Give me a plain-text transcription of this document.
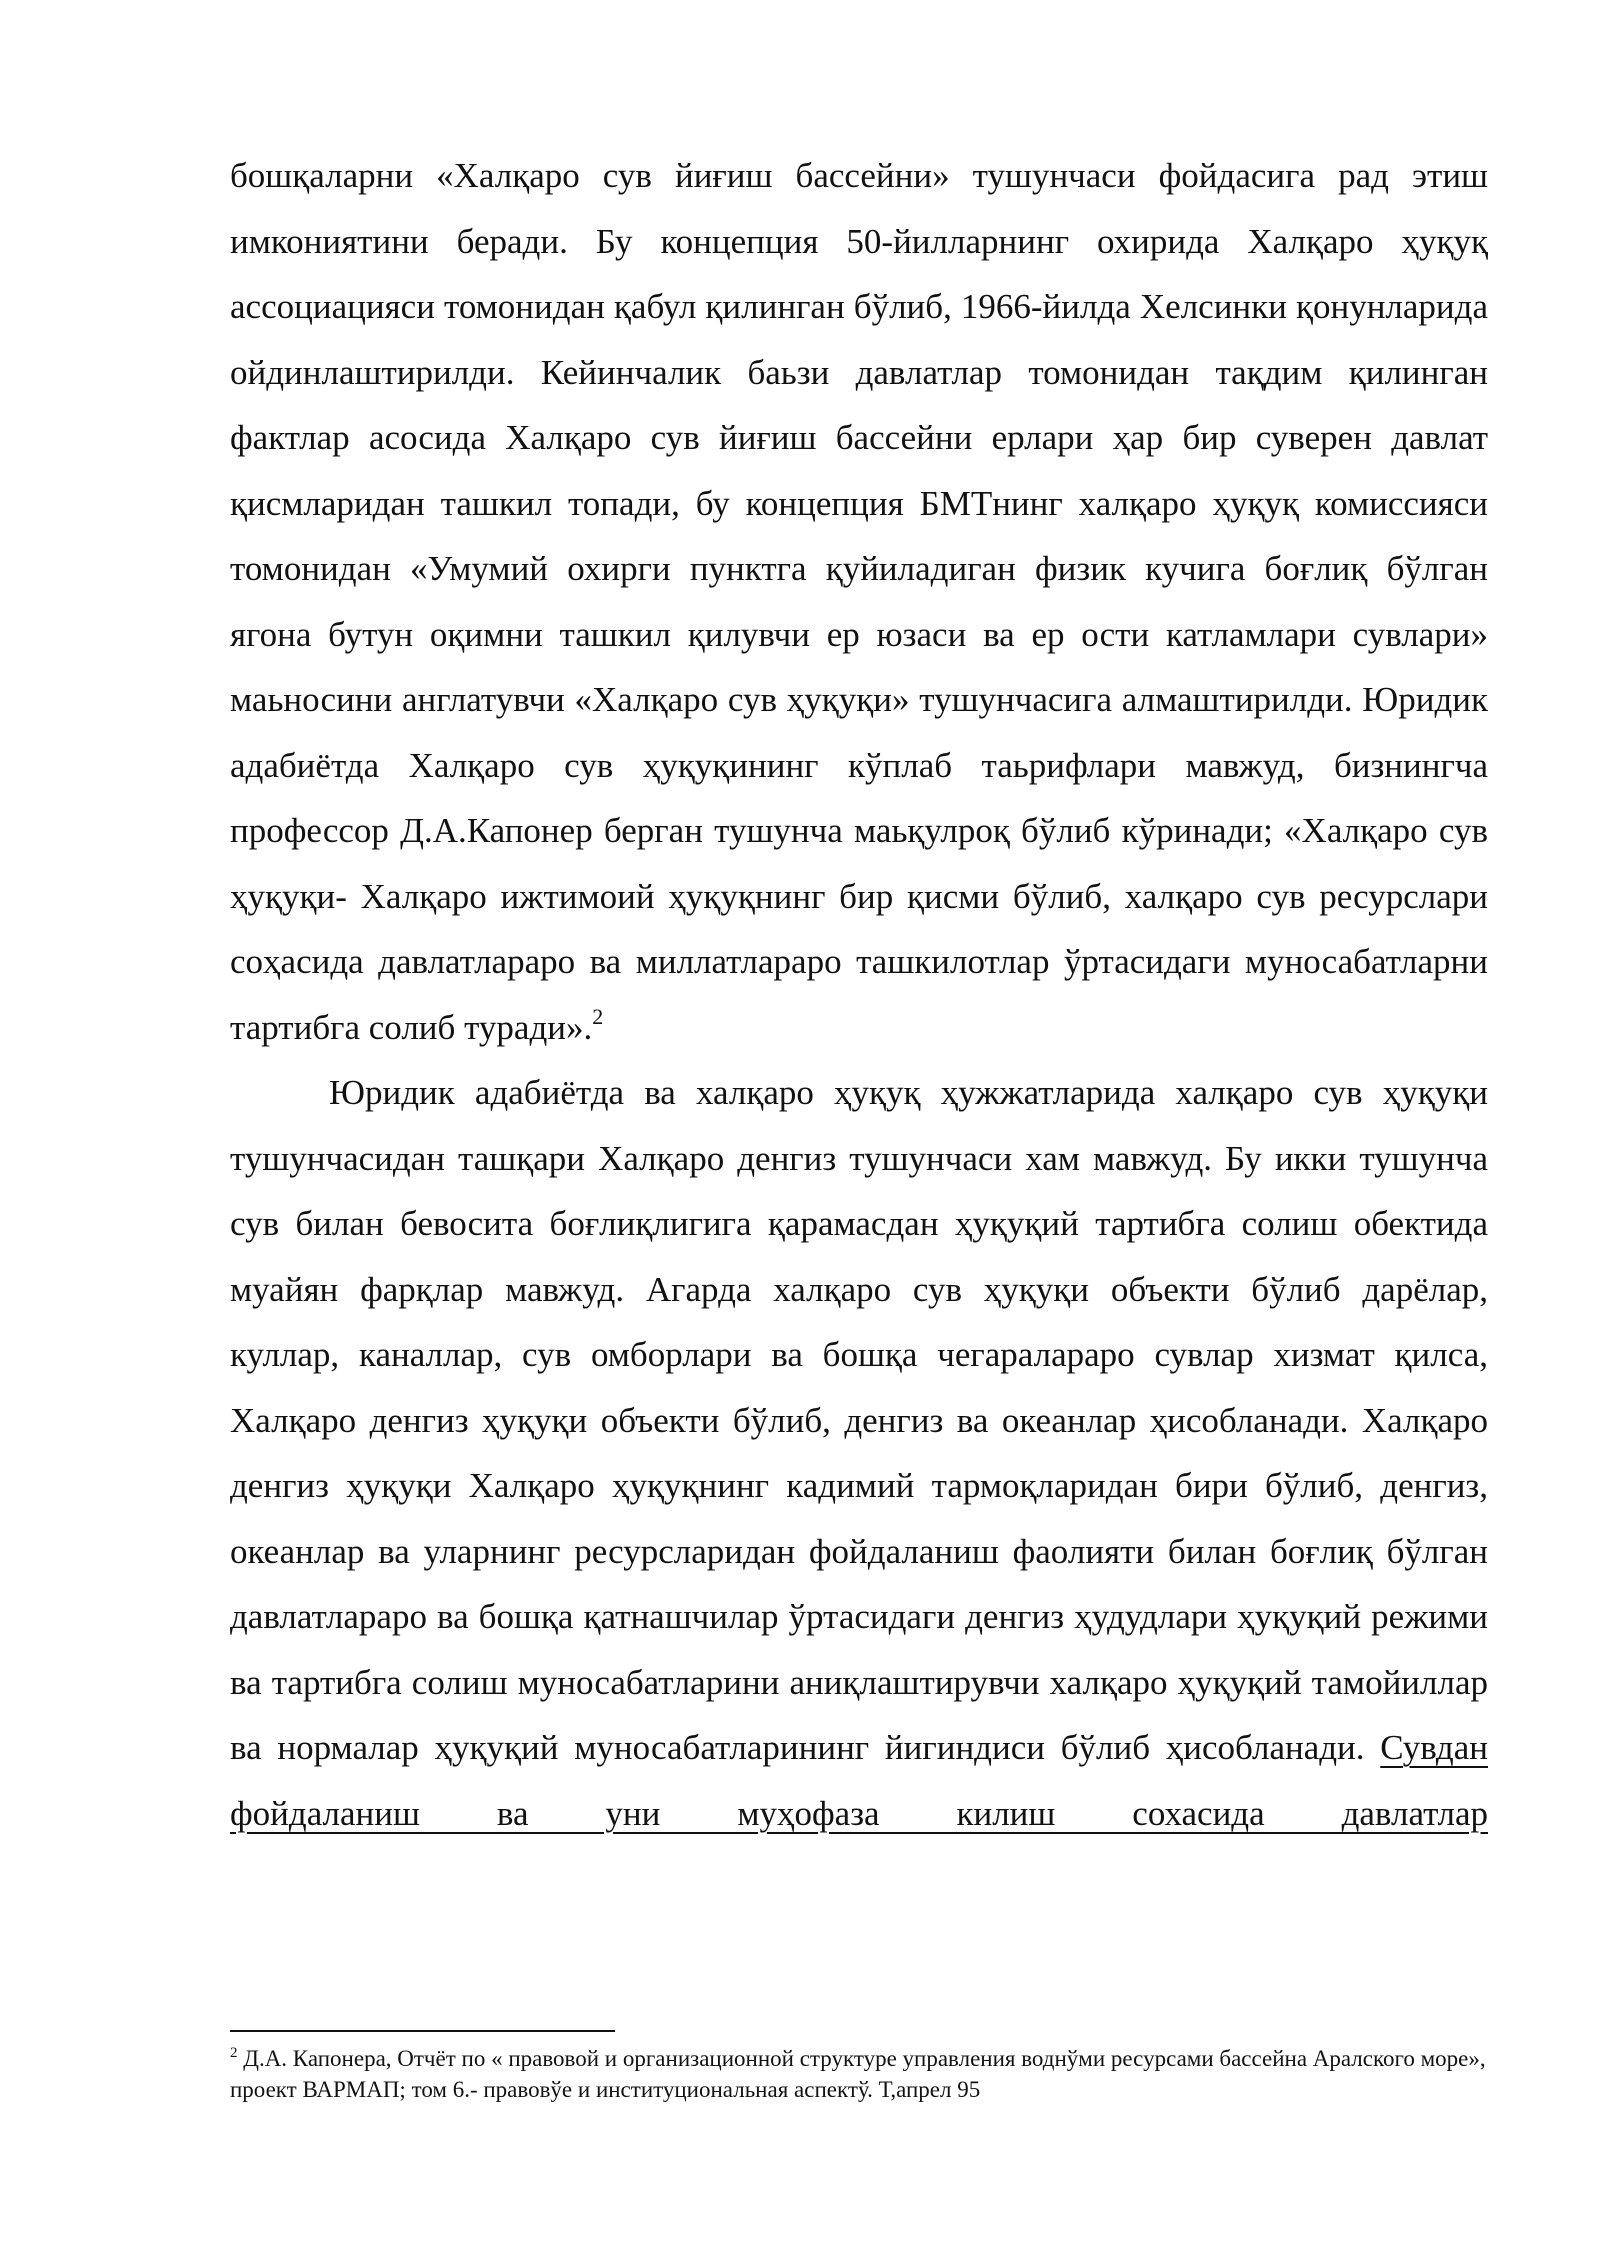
бошқаларни «Халқаро сув йиғиш бассейни» тушунчаси фойдасига рад этиш имкониятини беради. Бу концепция 50-йилларнинг охирида Халқаро ҳуқуқ ассоциацияси томонидан қабул қилинган бўлиб, 1966-йилда Хелсинки қонунларида ойдинлаштирилди. Кейинчалик баьзи давлатлар томонидан тақдим қилинган фактлар асосида Халқаро сув йиғиш бассейни ерлари ҳар бир суверен давлат қисмларидан ташкил топади, бу концепция БМТнинг халқаро ҳуқуқ комиссияси томонидан «Умумий охирги пунктга қуйиладиган физик кучига боғлиқ бўлган ягона бутун оқимни ташкил қилувчи ер юзаси ва ер ости катламлари сувлари» маьносини англатувчи «Халқаро сув ҳуқуқи» тушунчасига алмаштирилди. Юридик адабиётда Халқаро сув ҳуқуқининг кўплаб таьрифлари мавжуд, бизнингча профессор Д.А.Капонер берган тушунча маьқулроқ бўлиб кўринади; «Халқаро сув ҳуқуқи- Халқаро ижтимоий ҳуқуқнинг бир қисми бўлиб, халқаро сув ресурслари соҳасида давлатлараро ва миллатлараро ташкилотлар ўртасидаги муносабатларни тартибга солиб туради».$^2$

Юридик адабиётда ва халқаро ҳуқуқ ҳужжатларида халқаро сув ҳуқуқи тушунчасидан ташқари Халқаро денгиз тушунчаси хам мавжуд. Бу икки тушунча сув билан бевосита боғлиқлигига қарамасдан ҳуқуқий тартибга солиш обектида муайян фарқлар мавжуд. Агарда халқаро сув ҳуқуқи объекти бўлиб дарёлар, куллар, каналлар, сув омборлари ва бошқа чегаралараро сувлар хизмат қилса, Халқаро денгиз ҳуқуқи объекти бўлиб, денгиз ва океанлар ҳисобланади. Халқаро денгиз ҳуқуқи Халқаро ҳуқуқнинг кадимий тармоқларидан бири бўлиб, денгиз, океанлар ва уларнинг ресурсларидан фойдаланиш фаолияти билан боғлиқ бўлган давлатлараро ва бошқа қатнашчилар ўртасидаги денгиз ҳудудлари ҳуқуқий режими ва тартибга солиш муносабатларини аниқлаштирувчи халқаро ҳуқуқий тамойиллар ва нормалар ҳуқуқий муносабатларининг йигиндиси бўлиб ҳисобланади. Сувдан фойдаланиш ва уни муҳофаза килиш сохасида давлатлар

$^2$ Д.А. Капонера, Отчёт по « правовой и организационной структуре управления воднўми ресурсами бассейна Аралского море», проект ВАРМАП; том 6.- правовўе и институциональная аспектў. Т,апрел 95
